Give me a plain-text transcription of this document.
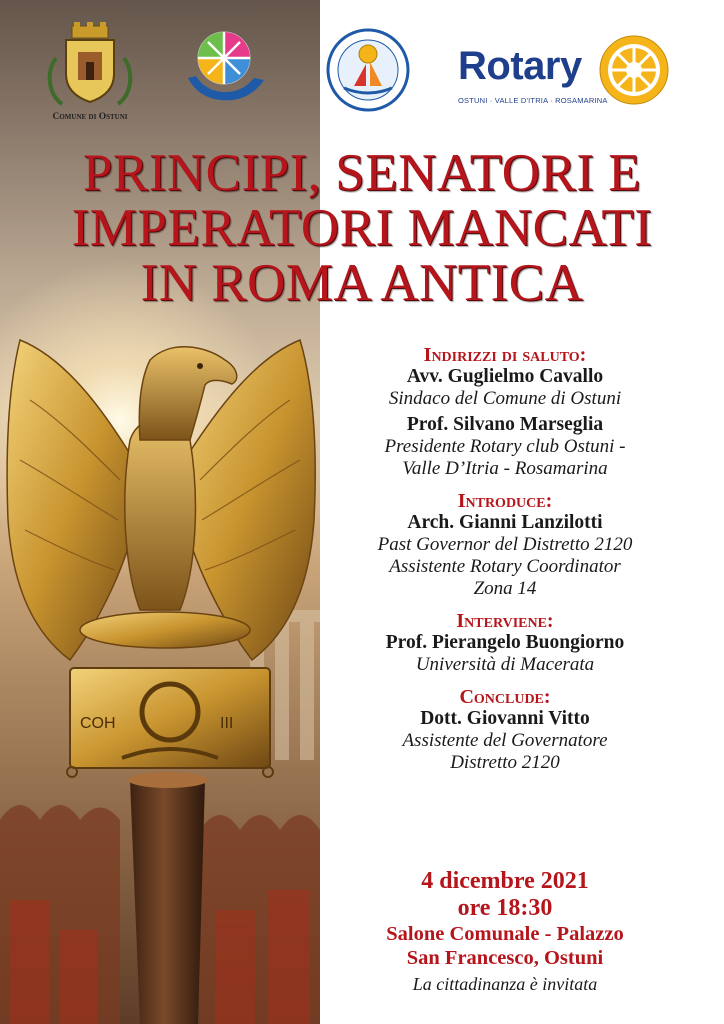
COH	III
Comune di Ostuni
Rotary
OSTUNI · VALLE D'ITRIA · ROSAMARINA
PRINCIPI, SENATORI E
IMPERATORI MANCATI
IN ROMA ANTICA
Indirizzi di saluto:
Avv. Guglielmo Cavallo
Sindaco del Comune di Ostuni
Prof. Silvano Marseglia
Presidente Rotary club Ostuni -
Valle D’Itria - Rosamarina
Introduce:
Arch. Gianni Lanzilotti
Past Governor del Distretto 2120
Assistente Rotary Coordinator
Zona 14
Interviene:
Prof. Pierangelo Buongiorno
Università di Macerata
Conclude:
Dott. Giovanni Vitto
Assistente del Governatore
Distretto 2120
4 dicembre 2021
ore 18:30
Salone Comunale - Palazzo
San Francesco, Ostuni
La cittadinanza è invitata
